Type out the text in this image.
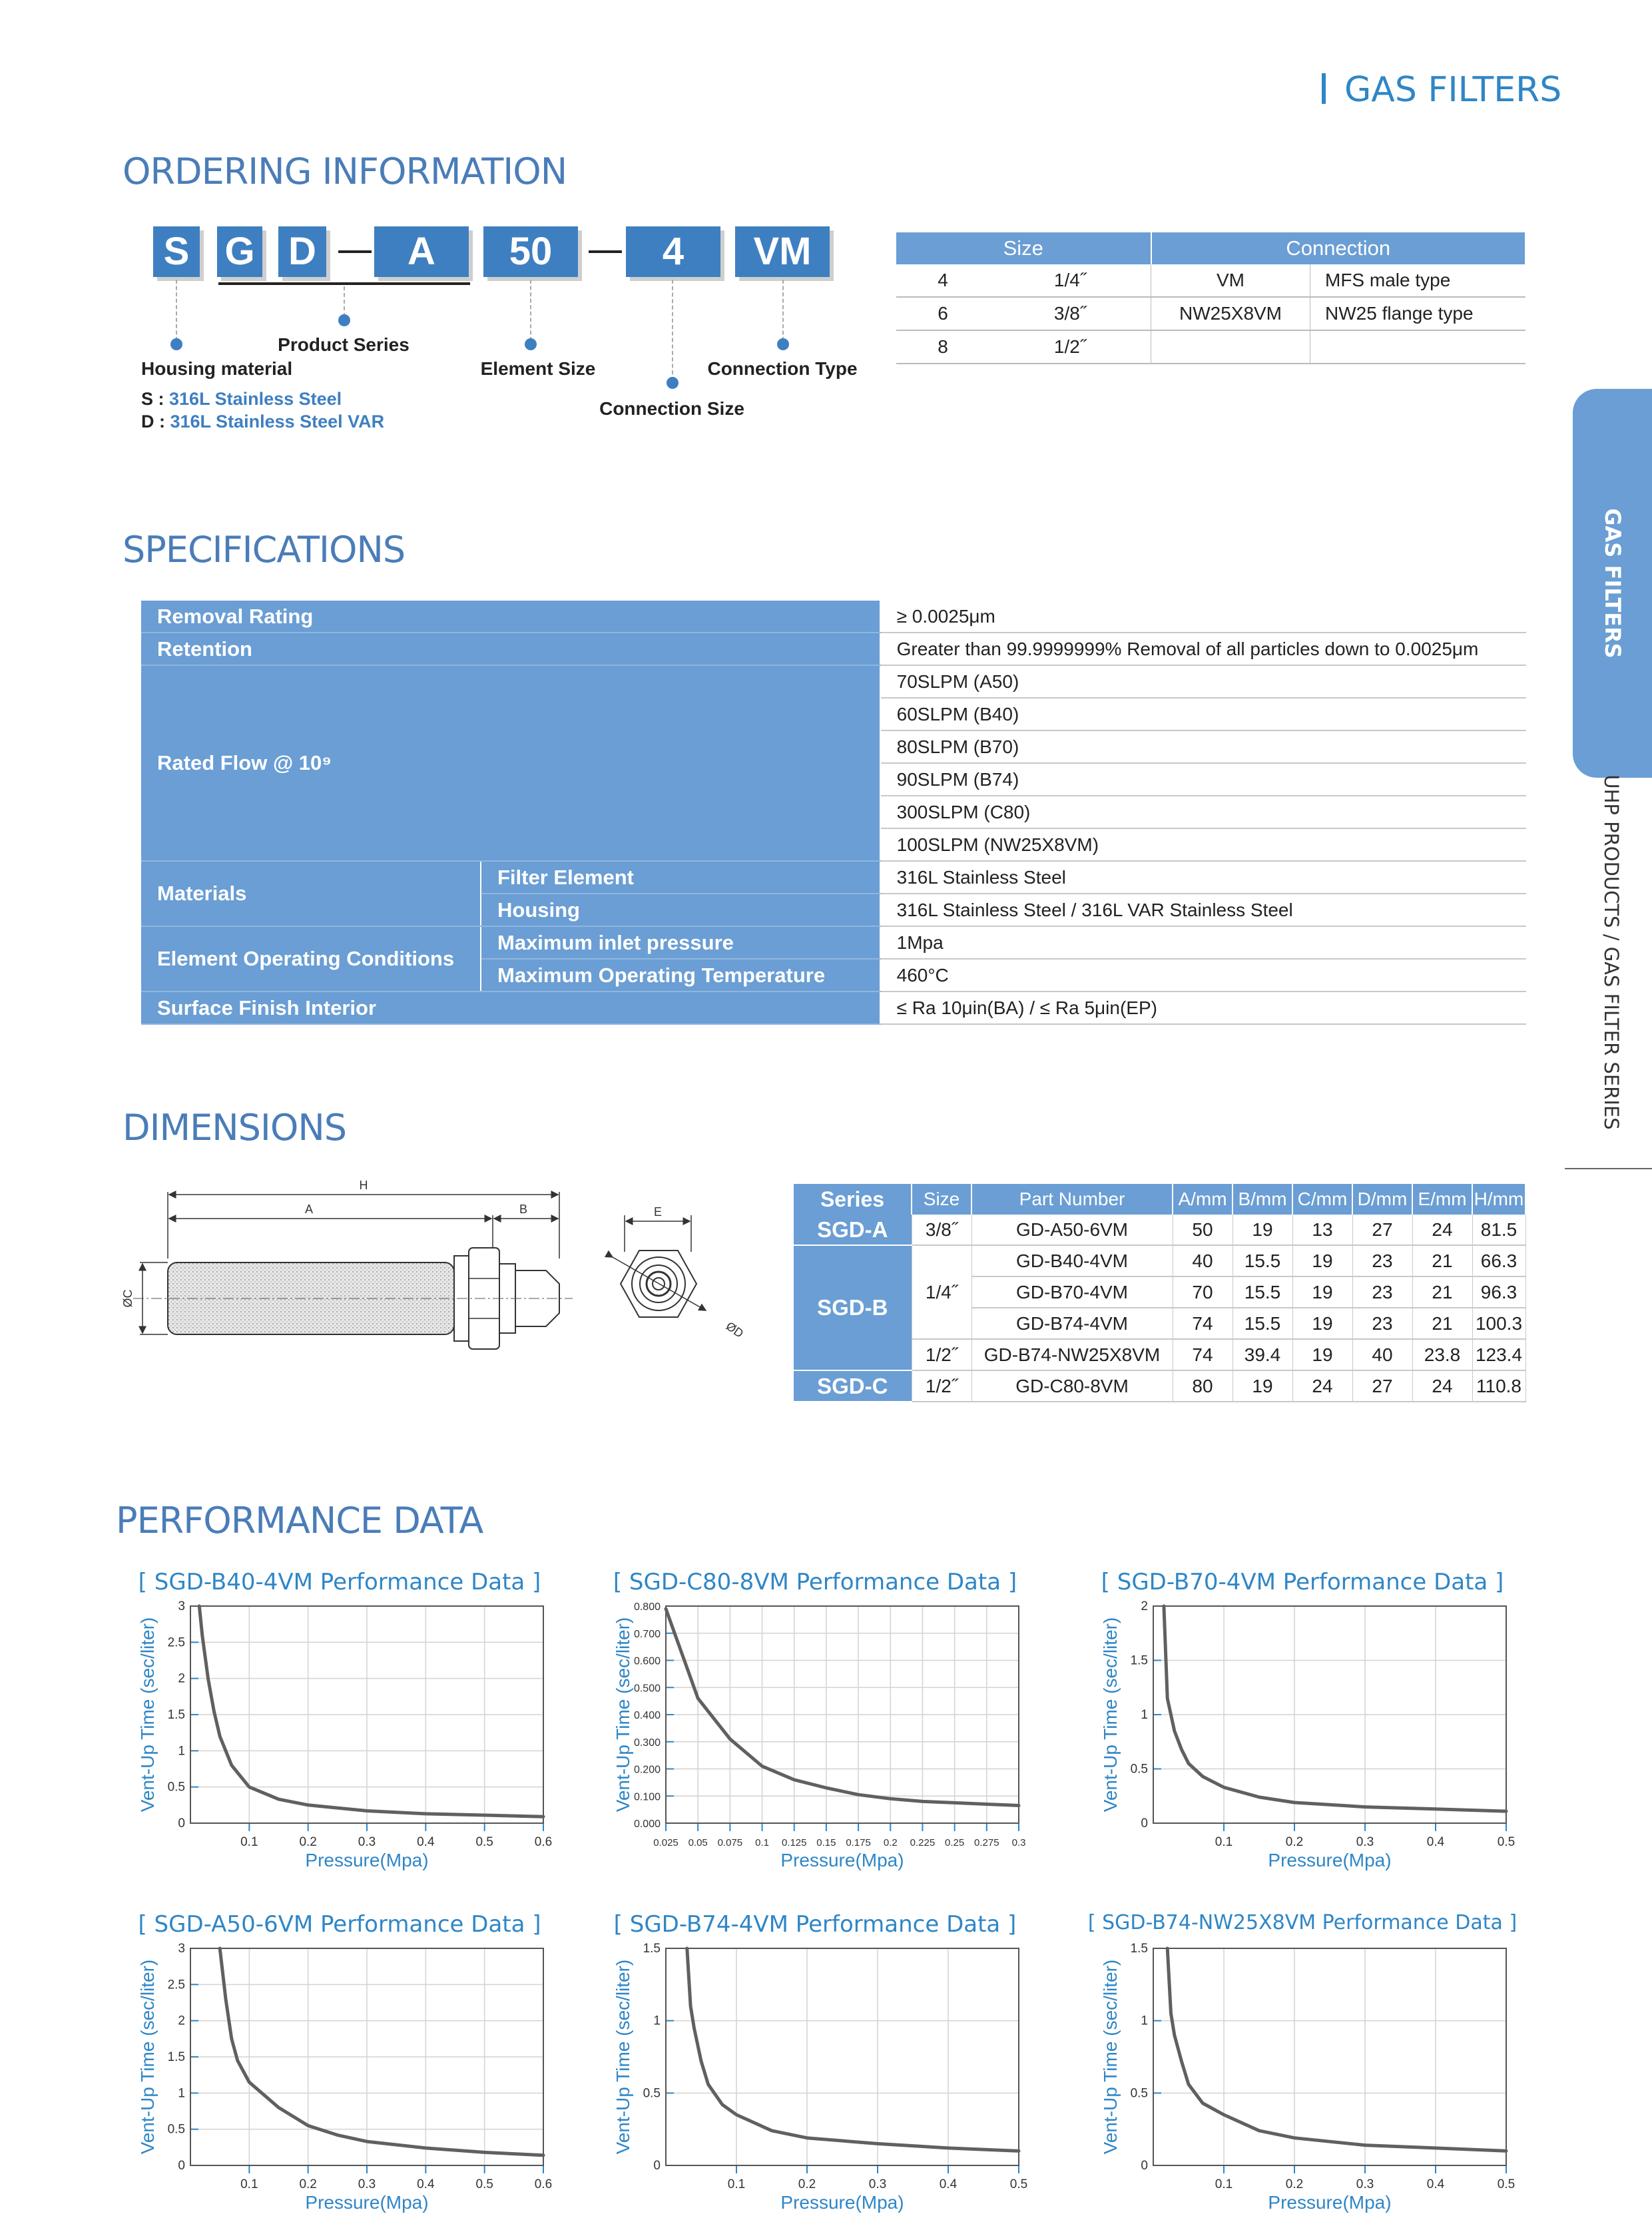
GAS FILTERS
GAS FILTERS
UHP PRODUCTS / GAS FILTER SERIES
ORDERING INFORMATION
S G D	A	50	4	VM
Product Series
Housing material	Element Size	Connection Type
Connection Size
S : 316L Stainless Steel
D : 316L Stainless Steel VAR
Size		Connection	
4	1/4˝	VM	MFS male type
6	3/8˝	NW25X8VM	NW25 flange type
8	1/2˝		
SPECIFICATIONS
Removal Rating		≥ 0.0025μm
Retention		Greater than 99.9999999% Removal of all particles down to 0.0025μm
Rated Flow @ 10⁹		70SLPM (A50)
		60SLPM (B40)
		80SLPM (B70)
		90SLPM (B74)
		300SLPM (C80)
		100SLPM (NW25X8VM)
Materials	Filter Element	316L Stainless Steel
	Housing	316L Stainless Steel / 316L VAR Stainless Steel
Element Operating Conditions	Maximum inlet pressure	1Mpa
	Maximum Operating Temperature	460°C
Surface Finish Interior		≤ Ra 10μin(BA) / ≤ Ra 5μin(EP)
DIMENSIONS
H
A	B
ØC
E
ØD
Series	Size	Part Number	A/mm	B/mm	C/mm	D/mm	E/mm	H/mm
SGD-A	3/8˝	GD-A50-6VM	50	19	13	27	24	81.5
SGD-B	1/4˝	GD-B40-4VM	40	15.5	19	23	21	66.3
		GD-B70-4VM	70	15.5	19	23	21	96.3
		GD-B74-4VM	74	15.5	19	23	21	100.3
	1/2˝	GD-B74-NW25X8VM	74	39.4	19	40	23.8	123.4
SGD-C	1/2˝	GD-C80-8VM	80	19	24	27	24	110.8
PERFORMANCE DATA
[ SGD-B40-4VM Performance Data ]
0.1	0.2	0.3	0.4	0.5	0.6
0
0.5
1
1.5
2
2.5
3
Pressure(Mpa)
Vent-Up Time (sec/liter)
[ SGD-C80-8VM Performance Data ]
0.025 0.05 0.075 0.1 0.125 0.15 0.175 0.2 0.225 0.25 0.275 0.3
0.000
0.100
0.200
0.300
0.400
0.500
0.600
0.700
0.800
Pressure(Mpa)
Vent-Up Time (sec/liter)
[ SGD-B70-4VM Performance Data ]
0.1	0.2	0.3	0.4	0.5
0
0.5
1
1.5
2
Pressure(Mpa)
Vent-Up Time (sec/liter)
[ SGD-A50-6VM Performance Data ]
0.1	0.2	0.3	0.4	0.5	0.6
0
0.5
1
1.5
2
2.5
3
Pressure(Mpa)
Vent-Up Time (sec/liter)
[ SGD-B74-4VM Performance Data ]
0.1	0.2	0.3	0.4	0.5
0
0.5
1
1.5
Pressure(Mpa)
Vent-Up Time (sec/liter)
[ SGD-B74-NW25X8VM Performance Data ]
0.1	0.2	0.3	0.4	0.5
0
0.5
1
1.5
Pressure(Mpa)
Vent-Up Time (sec/liter)
